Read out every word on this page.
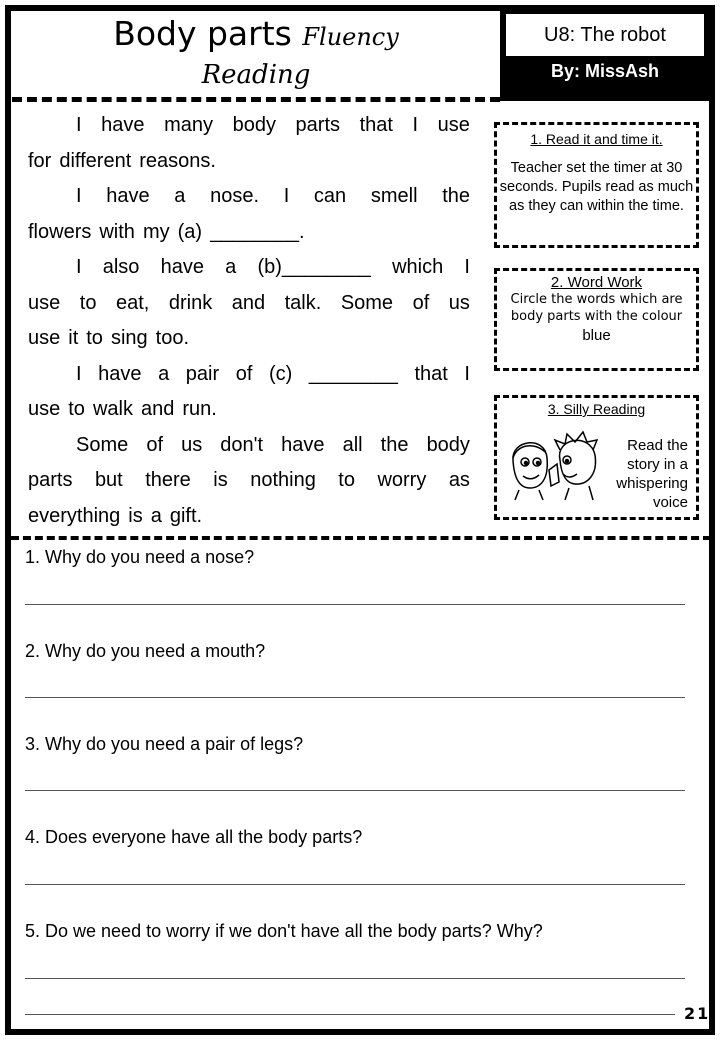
Body parts Fluency
Reading
U8: The robot
By: MissAsh
I have many body parts that I use
for different reasons.
I have a nose. I can smell the
flowers with my (a) ________.
I also have a (b)________ which I
use to eat, drink and talk. Some of us
use it to sing too.
I have a pair of (c) ________ that I
use to walk and run.
Some of us don't have all the body
parts but there is nothing to worry as
everything is a gift.
1. Read it and time it.

Teacher set the timer at 30 seconds. Pupils read as much as they can within the time.

2. Word Work

Circle the words which are body parts with the colour

blue
3. Silly Reading

Read the story in a whispering voice

1. Why do you need a nose?
2. Why do you need a mouth?
3. Why do you need a pair of legs?
4. Does everyone have all the body parts?
5. Do we need to worry if we don't have all the body parts? Why?
21
